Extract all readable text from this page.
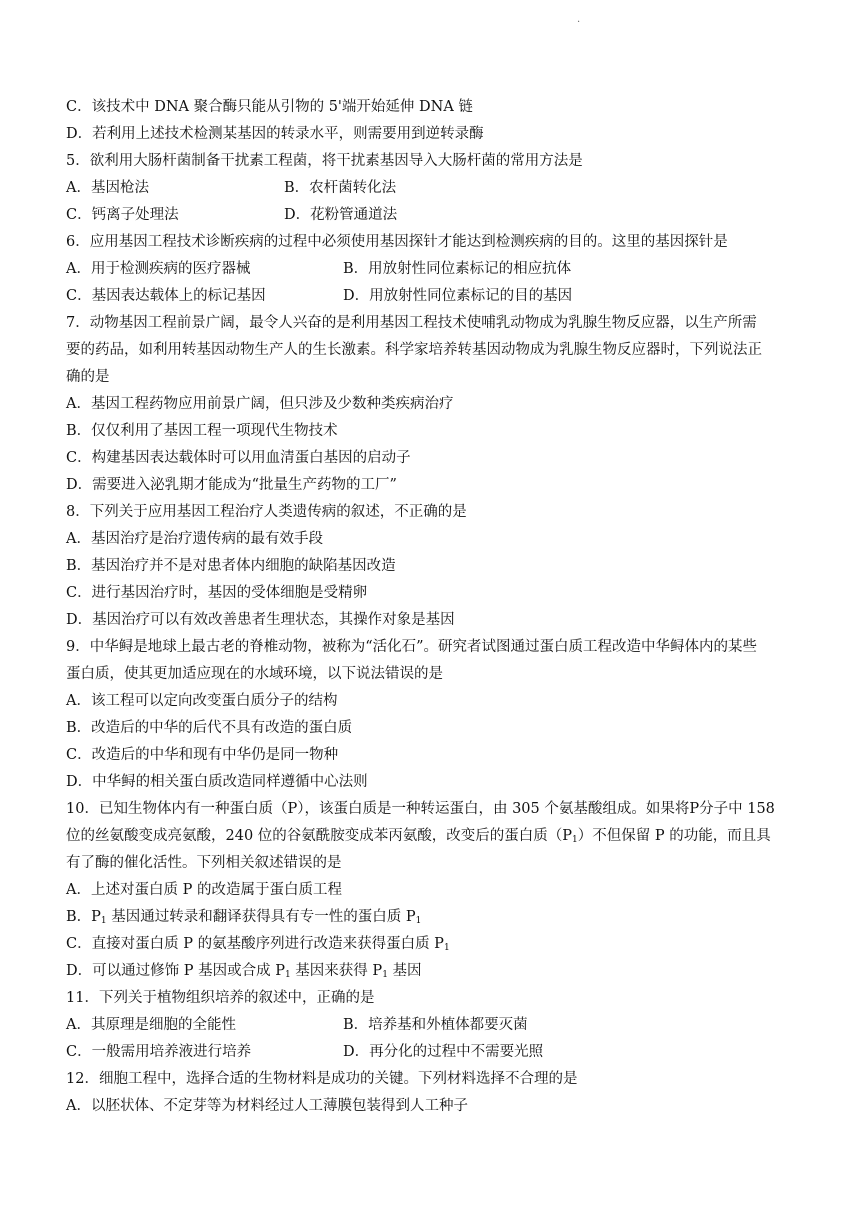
.
C．该技术中 DNA 聚合酶只能从引物的 5'端开始延伸 DNA 链
D．若利用上述技术检测某基因的转录水平，则需要用到逆转录酶
5．欲利用大肠杆菌制备干扰素工程菌，将干扰素基因导入大肠杆菌的常用方法是
A．基因枪法	B．农杆菌转化法
C．钙离子处理法	D．花粉管通道法
6．应用基因工程技术诊断疾病的过程中必须使用基因探针才能达到检测疾病的目的。这里的基因探针是
A．用于检测疾病的医疗器械	B．用放射性同位素标记的相应抗体
C．基因表达载体上的标记基因	D．用放射性同位素标记的目的基因
7．动物基因工程前景广阔，最令人兴奋的是利用基因工程技术使哺乳动物成为乳腺生物反应器，以生产所需
要的药品，如利用转基因动物生产人的生长激素。科学家培养转基因动物成为乳腺生物反应器时，下列说法正
确的是
A．基因工程药物应用前景广阔，但只涉及少数种类疾病治疗
B．仅仅利用了基因工程一项现代生物技术
C．构建基因表达载体时可以用血清蛋白基因的启动子
D．需要进入泌乳期才能成为“批量生产药物的工厂”
8．下列关于应用基因工程治疗人类遗传病的叙述，不正确的是
A．基因治疗是治疗遗传病的最有效手段
B．基因治疗并不是对患者体内细胞的缺陷基因改造
C．进行基因治疗时，基因的受体细胞是受精卵
D．基因治疗可以有效改善患者生理状态，其操作对象是基因
9．中华鲟是地球上最古老的脊椎动物，被称为“活化石”。研究者试图通过蛋白质工程改造中华鲟体内的某些
蛋白质，使其更加适应现在的水域环境，以下说法错误的是
A．该工程可以定向改变蛋白质分子的结构
B．改造后的中华的后代不具有改造的蛋白质
C．改造后的中华和现有中华仍是同一物种
D．中华鲟的相关蛋白质改造同样遵循中心法则
10．已知生物体内有一种蛋白质（P），该蛋白质是一种转运蛋白，由 305 个氨基酸组成。如果将P分子中 158
位的丝氨酸变成亮氨酸，240 位的谷氨酰胺变成苯丙氨酸，改变后的蛋白质$(P_1)$不但保留 P 的功能，而且具
有了酶的催化活性。下列相关叙述错误的是
A．上述对蛋白质 P 的改造属于蛋白质工程
B．$P_1$ 基因通过转录和翻译获得具有专一性的蛋白质 $P_1$
C．直接对蛋白质 P 的氨基酸序列进行改造来获得蛋白质 $P_1$
D．可以通过修饰 P 基因或合成 $P_1$ 基因来获得 $P_1$ 基因
11．下列关于植物组织培养的叙述中，正确的是
A．其原理是细胞的全能性	B．培养基和外植体都要灭菌
C．一般需用培养液进行培养	D．再分化的过程中不需要光照
12．细胞工程中，选择合适的生物材料是成功的关键。下列材料选择不合理的是
A．以胚状体、不定芽等为材料经过人工薄膜包装得到人工种子
